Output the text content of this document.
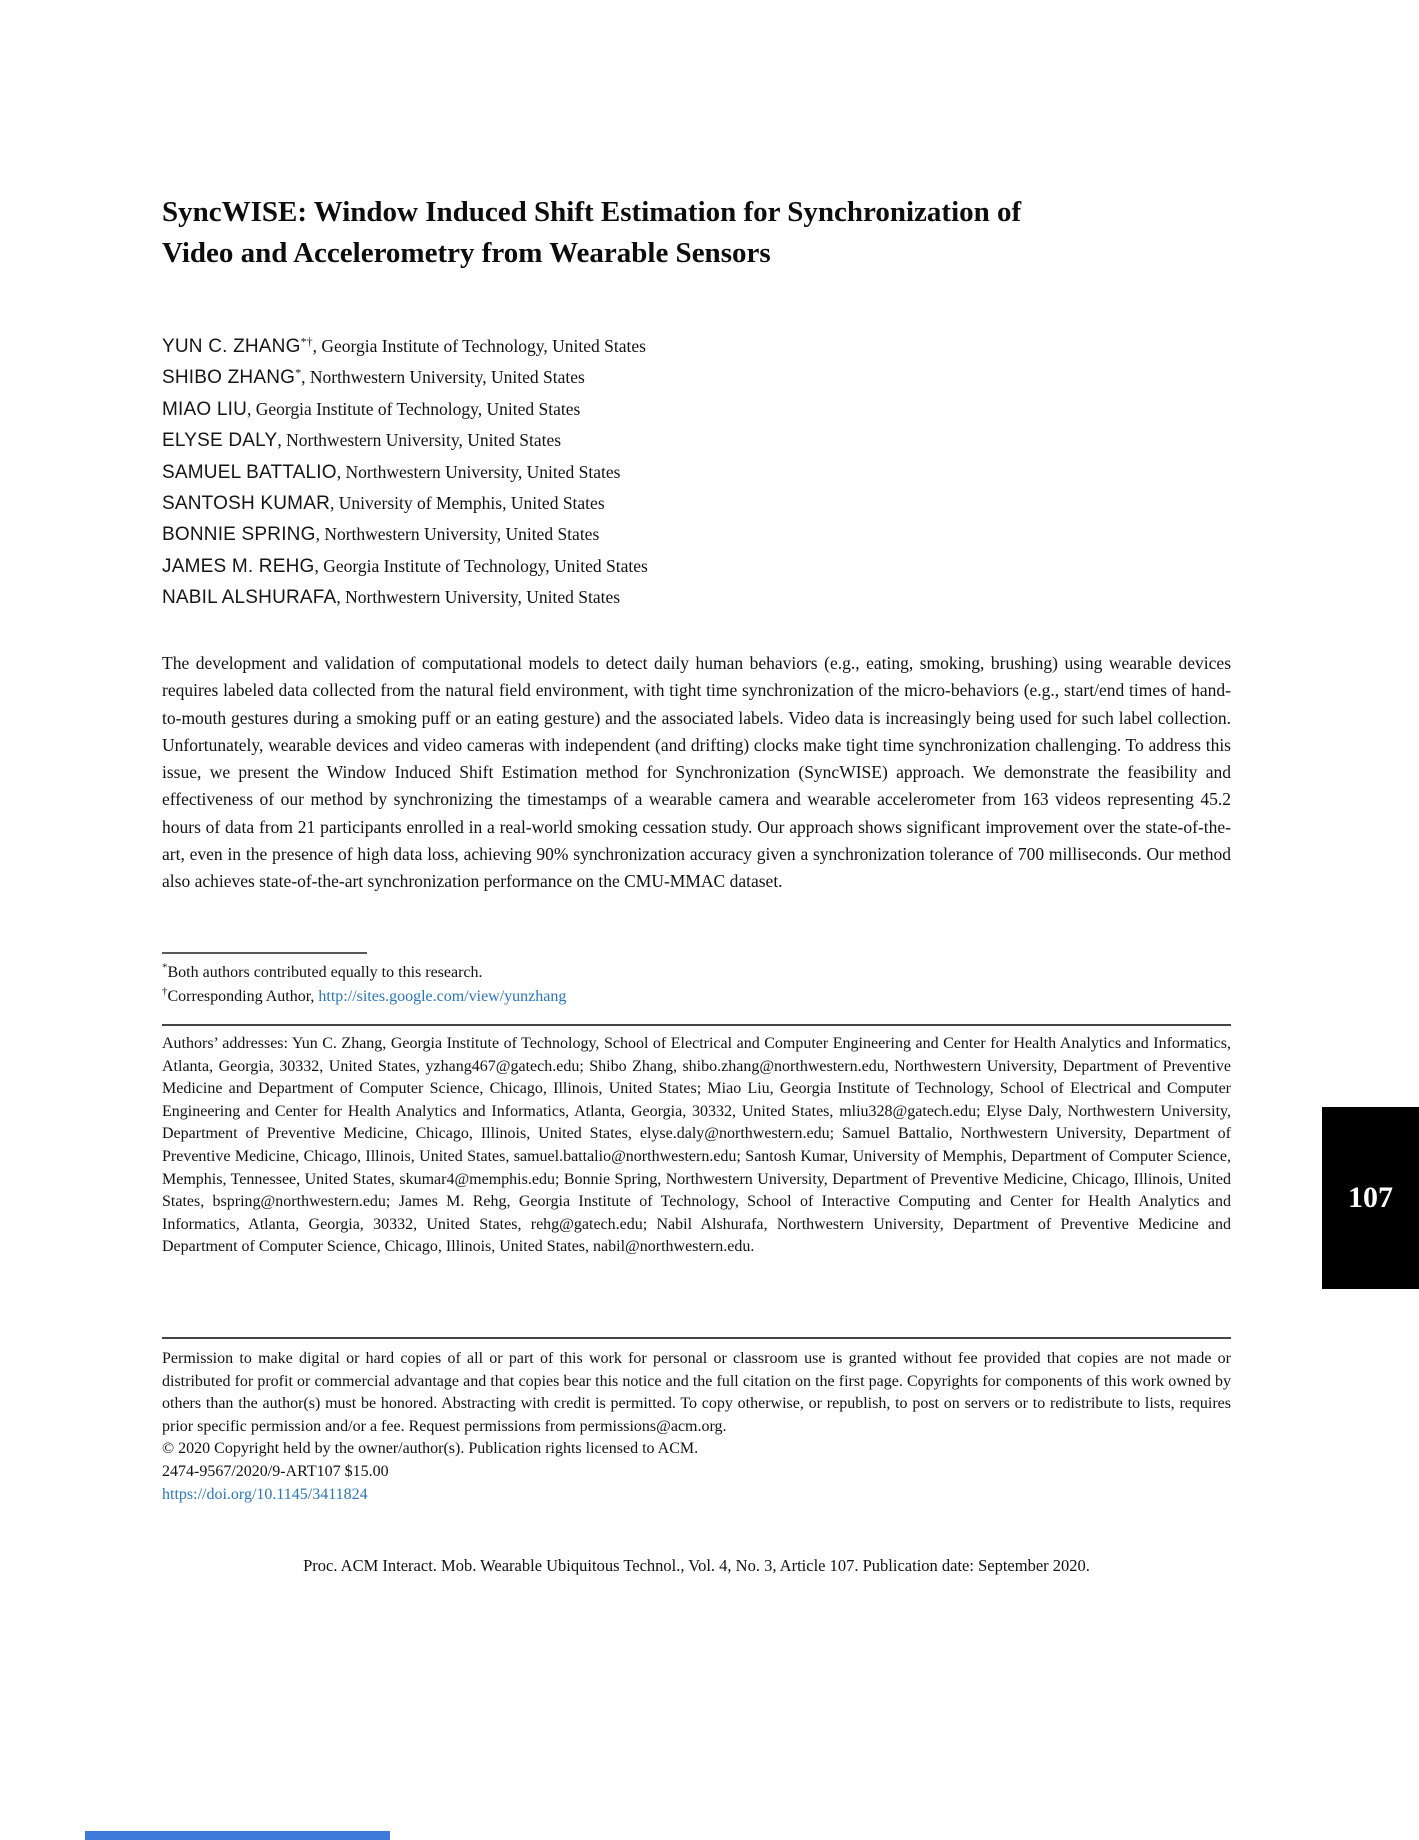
SyncWISE: Window Induced Shift Estimation for Synchronization of
Video and Accelerometry from Wearable Sensors
YUN C. ZHANG*†, Georgia Institute of Technology, United States
SHIBO ZHANG*, Northwestern University, United States
MIAO LIU, Georgia Institute of Technology, United States
ELYSE DALY, Northwestern University, United States
SAMUEL BATTALIO, Northwestern University, United States
SANTOSH KUMAR, University of Memphis, United States
BONNIE SPRING, Northwestern University, United States
JAMES M. REHG, Georgia Institute of Technology, United States
NABIL ALSHURAFA, Northwestern University, United States

The development and validation of computational models to detect daily human behaviors (e.g., eating, smoking, brushing) using wearable devices requires labeled data collected from the natural field environment, with tight time synchronization of the micro-behaviors (e.g., start/end times of hand-to-mouth gestures during a smoking puff or an eating gesture) and the associated labels. Video data is increasingly being used for such label collection. Unfortunately, wearable devices and video cameras with independent (and drifting) clocks make tight time synchronization challenging. To address this issue, we present the Window Induced Shift Estimation method for Synchronization (SyncWISE) approach. We demonstrate the feasibility and effectiveness of our method by synchronizing the timestamps of a wearable camera and wearable accelerometer from 163 videos representing 45.2 hours of data from 21 participants enrolled in a real-world smoking cessation study. Our approach shows significant improvement over the state-of-the-art, even in the presence of high data loss, achieving 90% synchronization accuracy given a synchronization tolerance of 700 milliseconds. Our method also achieves state-of-the-art synchronization performance on the CMU-MMAC dataset.

*Both authors contributed equally to this research.
†Corresponding Author, http://sites.google.com/view/yunzhang

Authors’ addresses: Yun C. Zhang, Georgia Institute of Technology, School of Electrical and Computer Engineering and Center for Health Analytics and Informatics, Atlanta, Georgia, 30332, United States, yzhang467@gatech.edu; Shibo Zhang, shibo.zhang@northwestern.edu, Northwestern University, Department of Preventive Medicine and Department of Computer Science, Chicago, Illinois, United States; Miao Liu, Georgia Institute of Technology, School of Electrical and Computer Engineering and Center for Health Analytics and Informatics, Atlanta, Georgia, 30332, United States, mliu328@gatech.edu; Elyse Daly, Northwestern University, Department of Preventive Medicine, Chicago, Illinois, United States, elyse.daly@northwestern.edu; Samuel Battalio, Northwestern University, Department of Preventive Medicine, Chicago, Illinois, United States, samuel.battalio@northwestern.edu; Santosh Kumar, University of Memphis, Department of Computer Science, Memphis, Tennessee, United States, skumar4@memphis.edu; Bonnie Spring, Northwestern University, Department of Preventive Medicine, Chicago, Illinois, United States, bspring@northwestern.edu; James M. Rehg, Georgia Institute of Technology, School of Interactive Computing and Center for Health Analytics and Informatics, Atlanta, Georgia, 30332, United States, rehg@gatech.edu; Nabil Alshurafa, Northwestern University, Department of Preventive Medicine and Department of Computer Science, Chicago, Illinois, United States, nabil@northwestern.edu.

Permission to make digital or hard copies of all or part of this work for personal or classroom use is granted without fee provided that copies are not made or distributed for profit or commercial advantage and that copies bear this notice and the full citation on the first page. Copyrights for components of this work owned by others than the author(s) must be honored. Abstracting with credit is permitted. To copy otherwise, or republish, to post on servers or to redistribute to lists, requires prior specific permission and/or a fee. Request permissions from permissions@acm.org.

© 2020 Copyright held by the owner/author(s). Publication rights licensed to ACM.
2474-9567/2020/9-ART107 $15.00
https://doi.org/10.1145/3411824
Proc. ACM Interact. Mob. Wearable Ubiquitous Technol., Vol. 4, No. 3, Article 107. Publication date: September 2020.
107
